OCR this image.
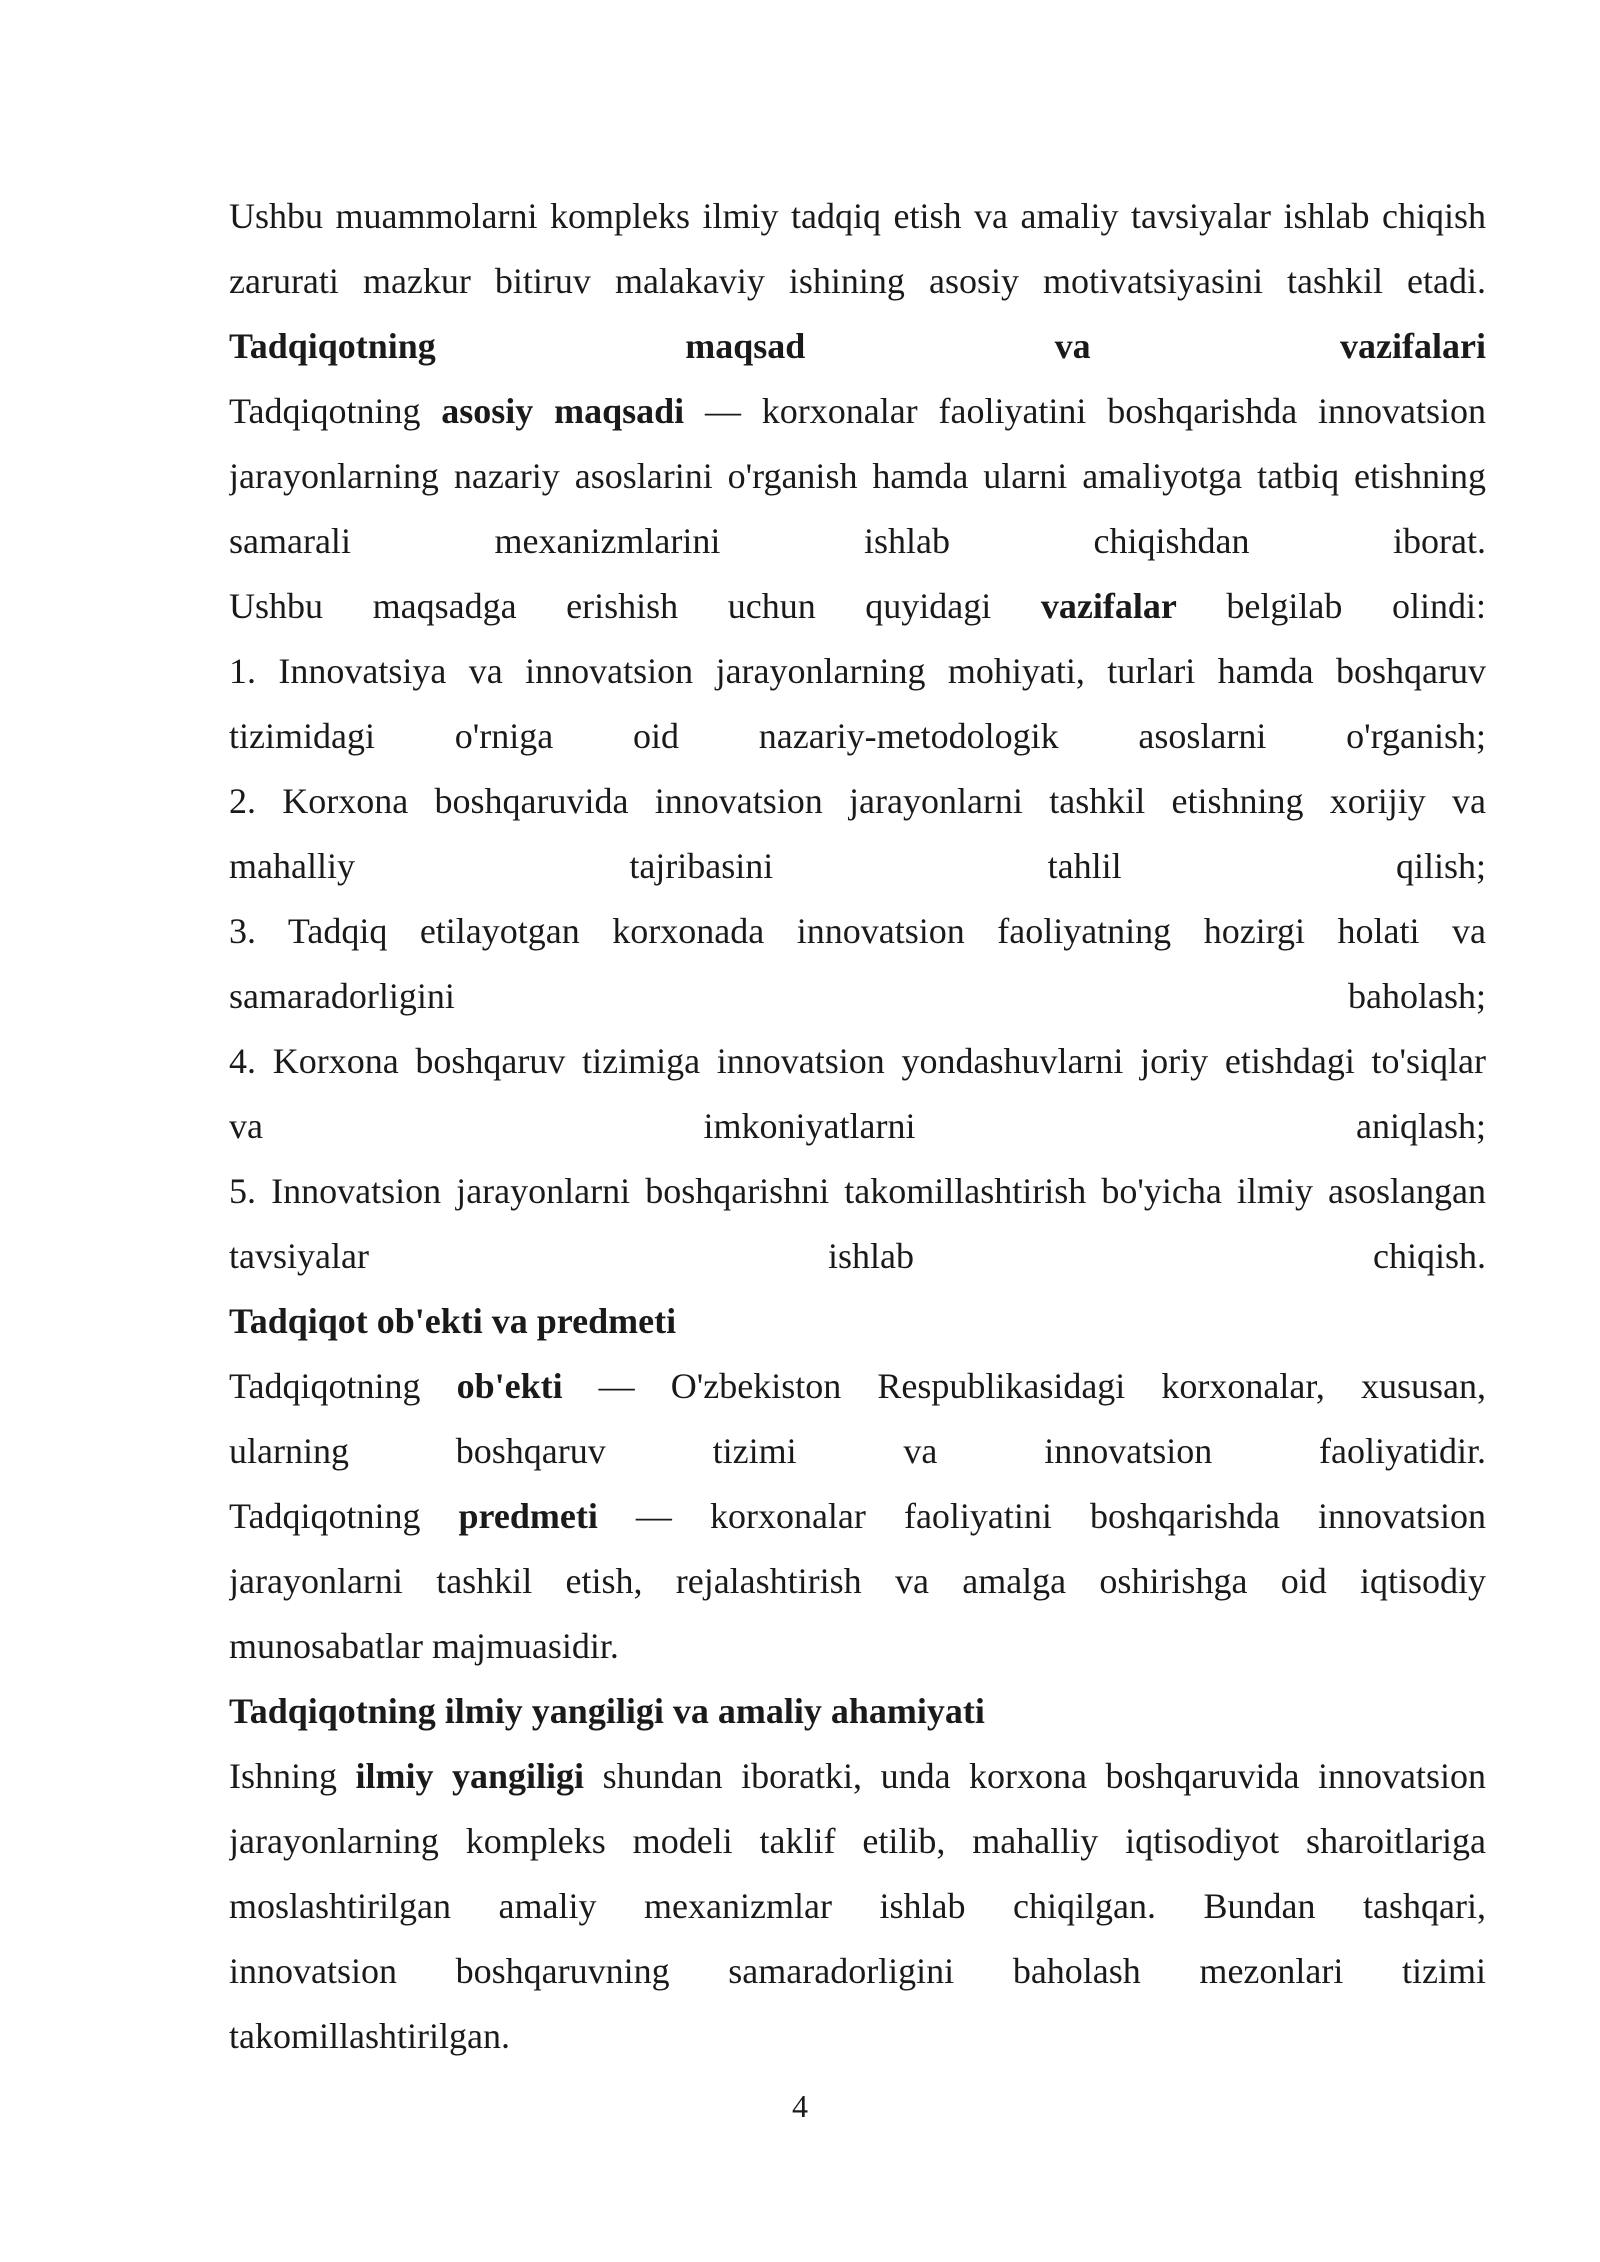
Ushbu muammolarni kompleks ilmiy tadqiq etish va amaliy tavsiyalar ishlab chiqish
zarurati mazkur bitiruv malakaviy ishining asosiy motivatsiyasini tashkil etadi.
Tadqiqotning maqsad va vazifalari
Tadqiqotning asosiy maqsadi — korxonalar faoliyatini boshqarishda innovatsion
jarayonlarning nazariy asoslarini o'rganish hamda ularni amaliyotga tatbiq etishning
samarali mexanizmlarini ishlab chiqishdan iborat.
Ushbu maqsadga erishish uchun quyidagi vazifalar belgilab olindi:
1. Innovatsiya va innovatsion jarayonlarning mohiyati, turlari hamda boshqaruv
tizimidagi o'rniga oid nazariy-metodologik asoslarni o'rganish;
2. Korxona boshqaruvida innovatsion jarayonlarni tashkil etishning xorijiy va
mahalliy tajribasini tahlil qilish;
3. Tadqiq etilayotgan korxonada innovatsion faoliyatning hozirgi holati va
samaradorligini baholash;
4. Korxona boshqaruv tizimiga innovatsion yondashuvlarni joriy etishdagi to'siqlar
va imkoniyatlarni aniqlash;
5. Innovatsion jarayonlarni boshqarishni takomillashtirish bo'yicha ilmiy asoslangan
tavsiyalar ishlab chiqish.
Tadqiqot ob'ekti va predmeti
Tadqiqotning ob'ekti — O'zbekiston Respublikasidagi korxonalar, xususan,
ularning boshqaruv tizimi va innovatsion faoliyatidir.
Tadqiqotning predmeti — korxonalar faoliyatini boshqarishda innovatsion
jarayonlarni tashkil etish, rejalashtirish va amalga oshirishga oid iqtisodiy
munosabatlar majmuasidir.
Tadqiqotning ilmiy yangiligi va amaliy ahamiyati
Ishning ilmiy yangiligi shundan iboratki, unda korxona boshqaruvida innovatsion
jarayonlarning kompleks modeli taklif etilib, mahalliy iqtisodiyot sharoitlariga
moslashtirilgan amaliy mexanizmlar ishlab chiqilgan. Bundan tashqari,
innovatsion boshqaruvning samaradorligini baholash mezonlari tizimi
takomillashtirilgan.
4
